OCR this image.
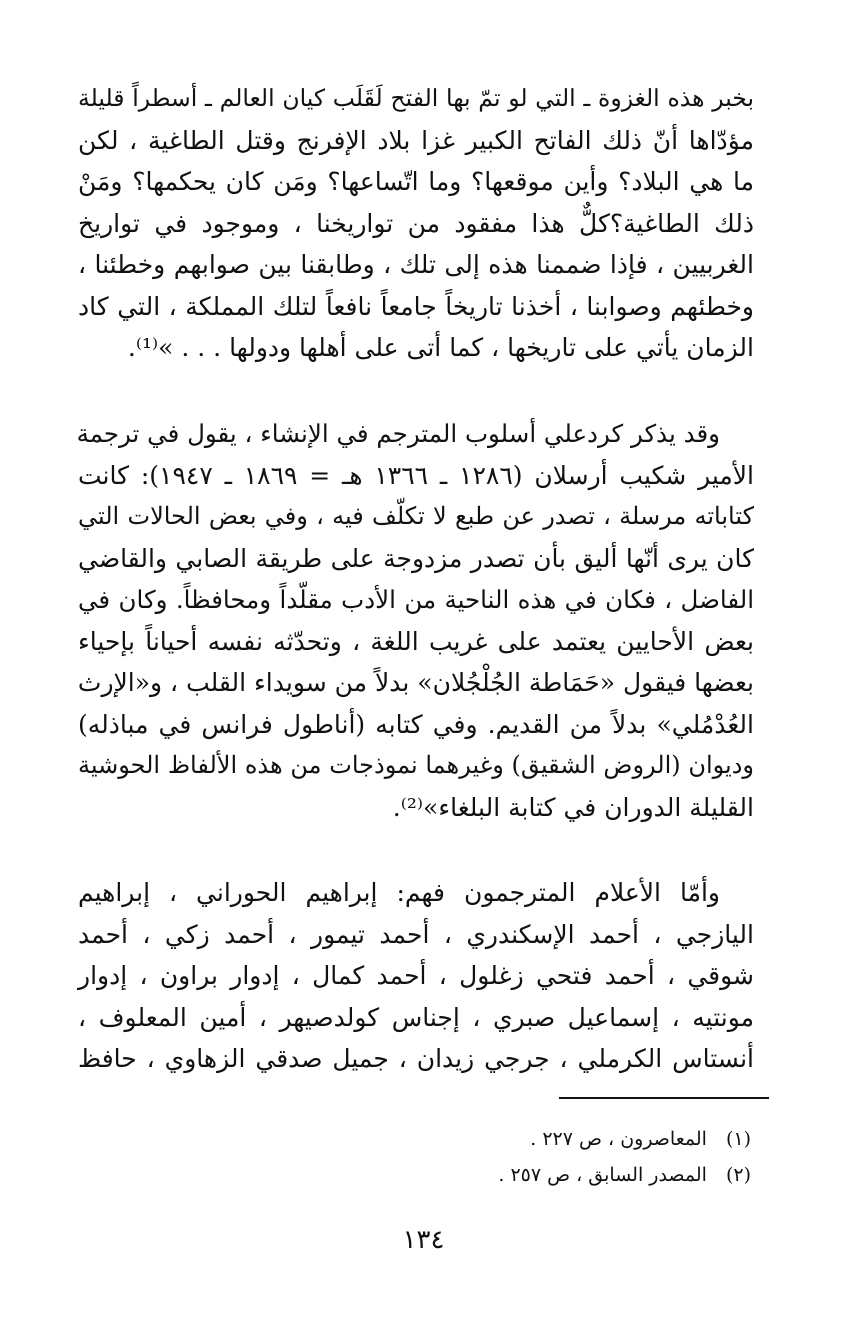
بخبر هذه الغزوة ـ التي لو تمّ بها الفتح لَقَلَب كيان العالم ـ أسطراً قليلة
مؤدّاها أنّ ذلك الفاتح الكبير غزا بلاد الإفرنج وقتل الطاغية ، لكن
ما هي البلاد؟ وأين موقعها؟ وما اتّساعها؟ ومَن كان يحكمها؟ ومَنْ
ذلك الطاغية؟كلٌّ هذا مفقود من تواريخنا ، وموجود في تواريخ
الغربيين ، فإذا ضممنا هذه إلى تلك ، وطابقنا بين صوابهم وخطئنا ،
وخطئهم وصوابنا ، أخذنا تاريخاً جامعاً نافعاً لتلك المملكة ، التي كاد
الزمان يأتي على تاريخها ، كما أتى على أهلها ودولها . . . »⁽¹⁾.
وقد يذكر كردعلي أسلوب المترجم في الإنشاء ، يقول في ترجمة
الأمير شكيب أرسلان (١٢٨٦ ـ ١٣٦٦ هـ = ١٨٦٩ ـ ١٩٤٧): كانت
كتاباته مرسلة ، تصدر عن طبع لا تكلّف فيه ، وفي بعض الحالات التي
كان يرى أنّها أليق بأن تصدر مزدوجة على طريقة الصابي والقاضي
الفاضل ، فكان في هذه الناحية من الأدب مقلّداً ومحافظاً. وكان في
بعض الأحايين يعتمد على غريب اللغة ، وتحدّثه نفسه أحياناً بإحياء
بعضها فيقول «حَمَاطة الجُلْجُلان» بدلاً من سويداء القلب ، و«الإرث
العُدْمُلي» بدلاً من القديم. وفي كتابه (أناطول فرانس في مباذله)
وديوان (الروض الشقيق) وغيرهما نموذجات من هذه الألفاظ الحوشية
القليلة الدوران في كتابة البلغاء»⁽²⁾.
وأمّا الأعلام المترجمون فهم: إبراهيم الحوراني ، إبراهيم
اليازجي ، أحمد الإسكندري ، أحمد تيمور ، أحمد زكي ، أحمد
شوقي ، أحمد فتحي زغلول ، أحمد كمال ، إدوار براون ، إدوار
مونتيه ، إسماعيل صبري ، إجناس كولدصيهر ، أمين المعلوف ،
أنستاس الكرملي ، جرجي زيدان ، جميل صدقي الزهاوي ، حافظ
(١) المعاصرون ، ص ٢٢٧ .
(٢) المصدر السابق ، ص ٢٥٧ .
١٣٤
